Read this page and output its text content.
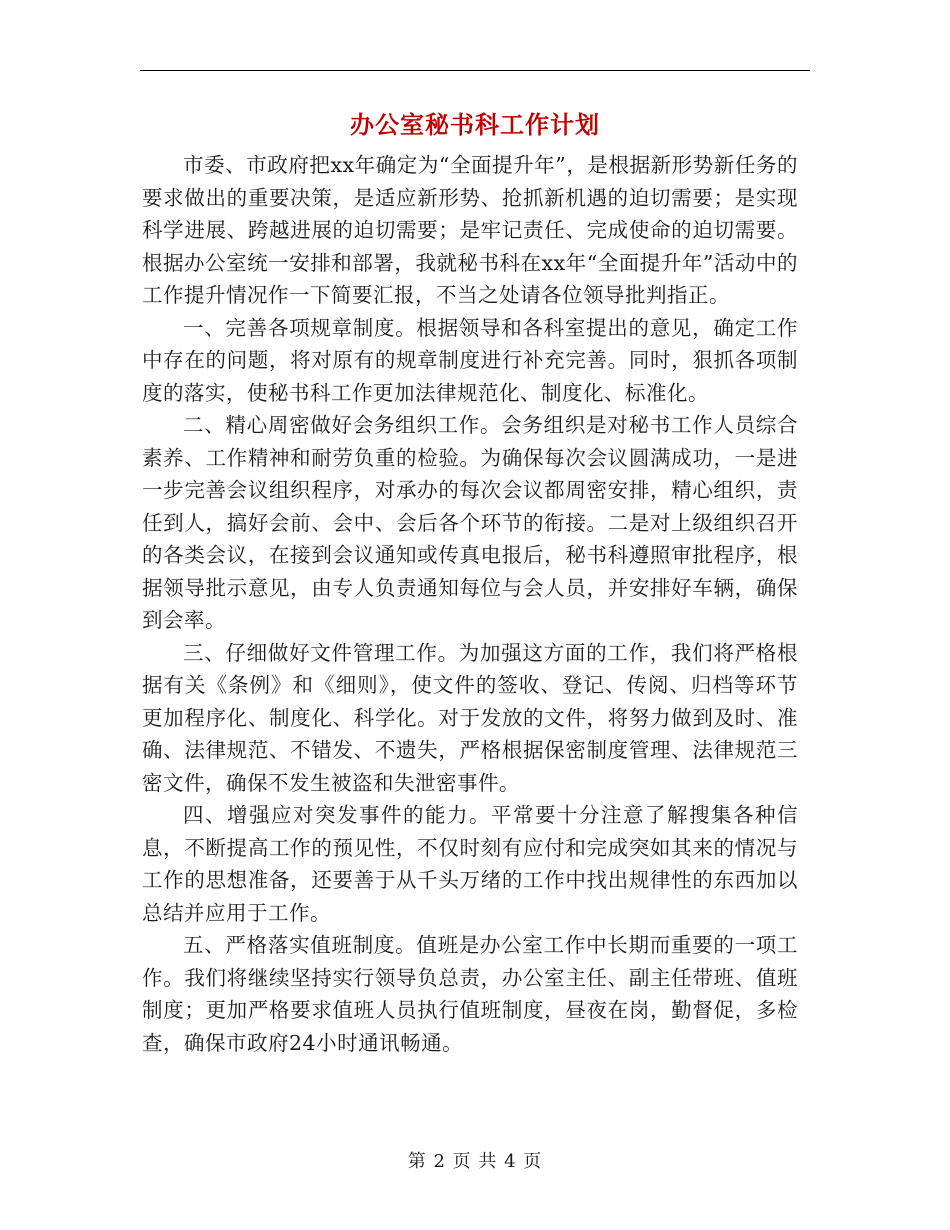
办公室秘书科工作计划

市委、市政府把xx年确定为“全面提升年”，是根据新形势新任务的要求做出的重要决策，是适应新形势、抢抓新机遇的迫切需要；是实现科学进展、跨越进展的迫切需要；是牢记责任、完成使命的迫切需要。根据办公室统一安排和部署，我就秘书科在xx年“全面提升年”活动中的工作提升情况作一下简要汇报，不当之处请各位领导批判指正。

一、完善各项规章制度。根据领导和各科室提出的意见，确定工作中存在的问题，将对原有的规章制度进行补充完善。同时，狠抓各项制度的落实，使秘书科工作更加法律规范化、制度化、标准化。

二、精心周密做好会务组织工作。会务组织是对秘书工作人员综合素养、工作精神和耐劳负重的检验。为确保每次会议圆满成功，一是进一步完善会议组织程序，对承办的每次会议都周密安排，精心组织，责任到人，搞好会前、会中、会后各个环节的衔接。二是对上级组织召开的各类会议，在接到会议通知或传真电报后，秘书科遵照审批程序，根据领导批示意见，由专人负责通知每位与会人员，并安排好车辆，确保到会率。

三、仔细做好文件管理工作。为加强这方面的工作，我们将严格根据有关《条例》和《细则》，使文件的签收、登记、传阅、归档等环节更加程序化、制度化、科学化。对于发放的文件，将努力做到及时、准确、法律规范、不错发、不遗失，严格根据保密制度管理、法律规范三密文件，确保不发生被盗和失泄密事件。

四、增强应对突发事件的能力。平常要十分注意了解搜集各种信息，不断提高工作的预见性，不仅时刻有应付和完成突如其来的情况与工作的思想准备，还要善于从千头万绪的工作中找出规律性的东西加以总结并应用于工作。

五、严格落实值班制度。值班是办公室工作中长期而重要的一项工作。我们将继续坚持实行领导负总责，办公室主任、副主任带班、值班制度；更加严格要求值班人员执行值班制度，昼夜在岗，勤督促，多检查，确保市政府24小时通讯畅通。

第 2 页 共 4 页
